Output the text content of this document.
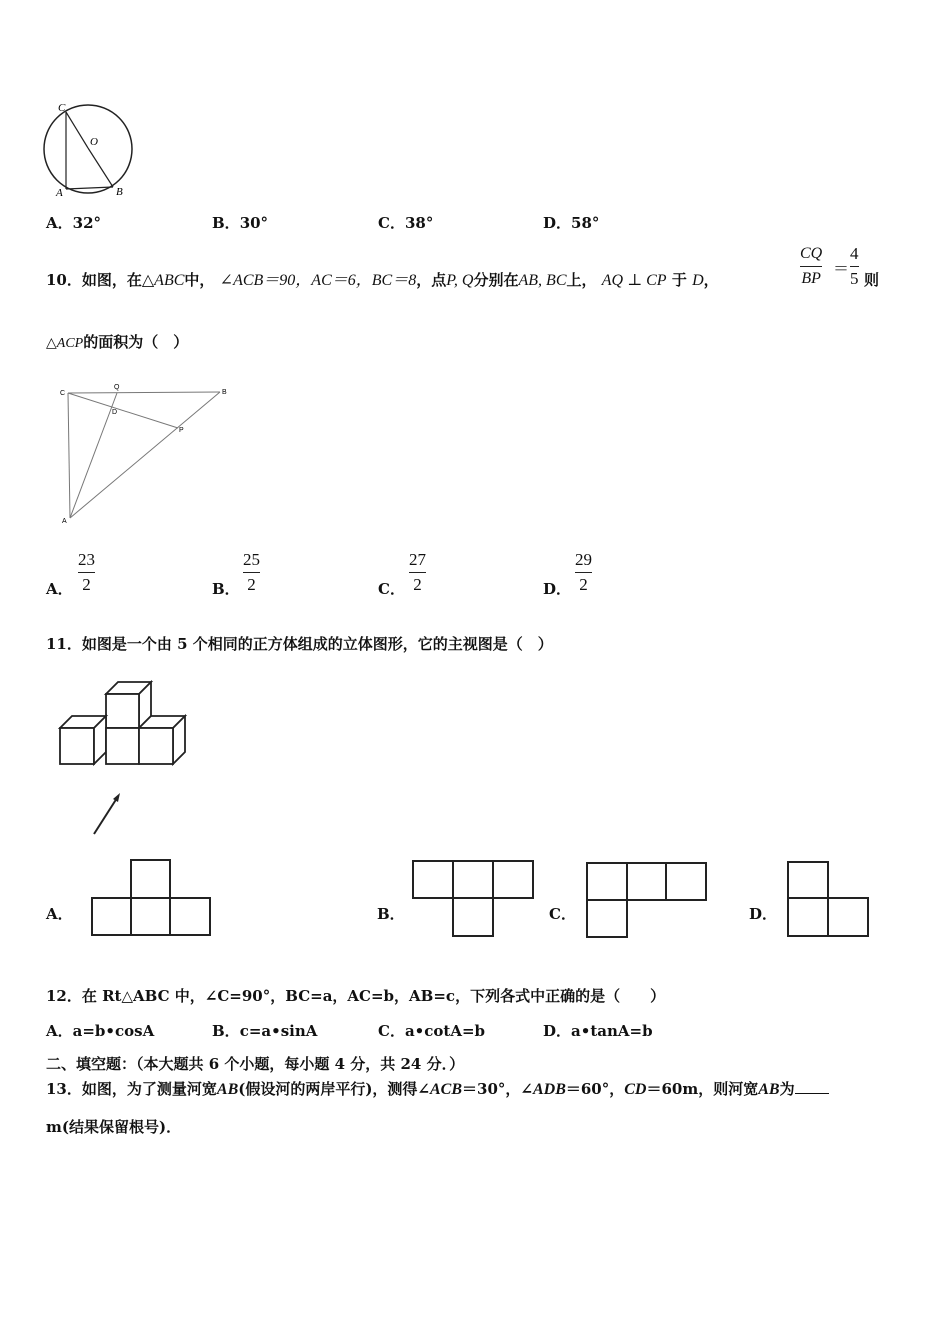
C
O
A	B
A．32°	B．30°	C．38°	D．58°
10．如图，在△ABC中， ∠ACB＝90，AC＝6，BC＝8，点P, Q分别在AB, BC上， AQ ⊥ CP 于 D，
CQ
BP
＝
4
5 则
△ACP的面积为（　）
C
Q
B
D
P
A
A．
23
2	B．
25
2	C．
27
2	D．
29
2
11．如图是一个由 5 个相同的正方体组成的立体图形，它的主视图是（　）
A．	B．	C．	D．
12．在 Rt△ABC 中，∠C=90°，BC=a，AC=b，AB=c，下列各式中正确的是（　　）
A．a=b•cosA	B．c=a•sinA	C．a•cotA=b	D．a•tanA=b
二、填空题：（本大题共 6 个小题，每小题 4 分，共 24 分．）
13．如图，为了测量河宽AB(假设河的两岸平行)，测得∠ACB＝30°，∠ADB＝60°，CD＝60m，则河宽AB为
m(结果保留根号)．
